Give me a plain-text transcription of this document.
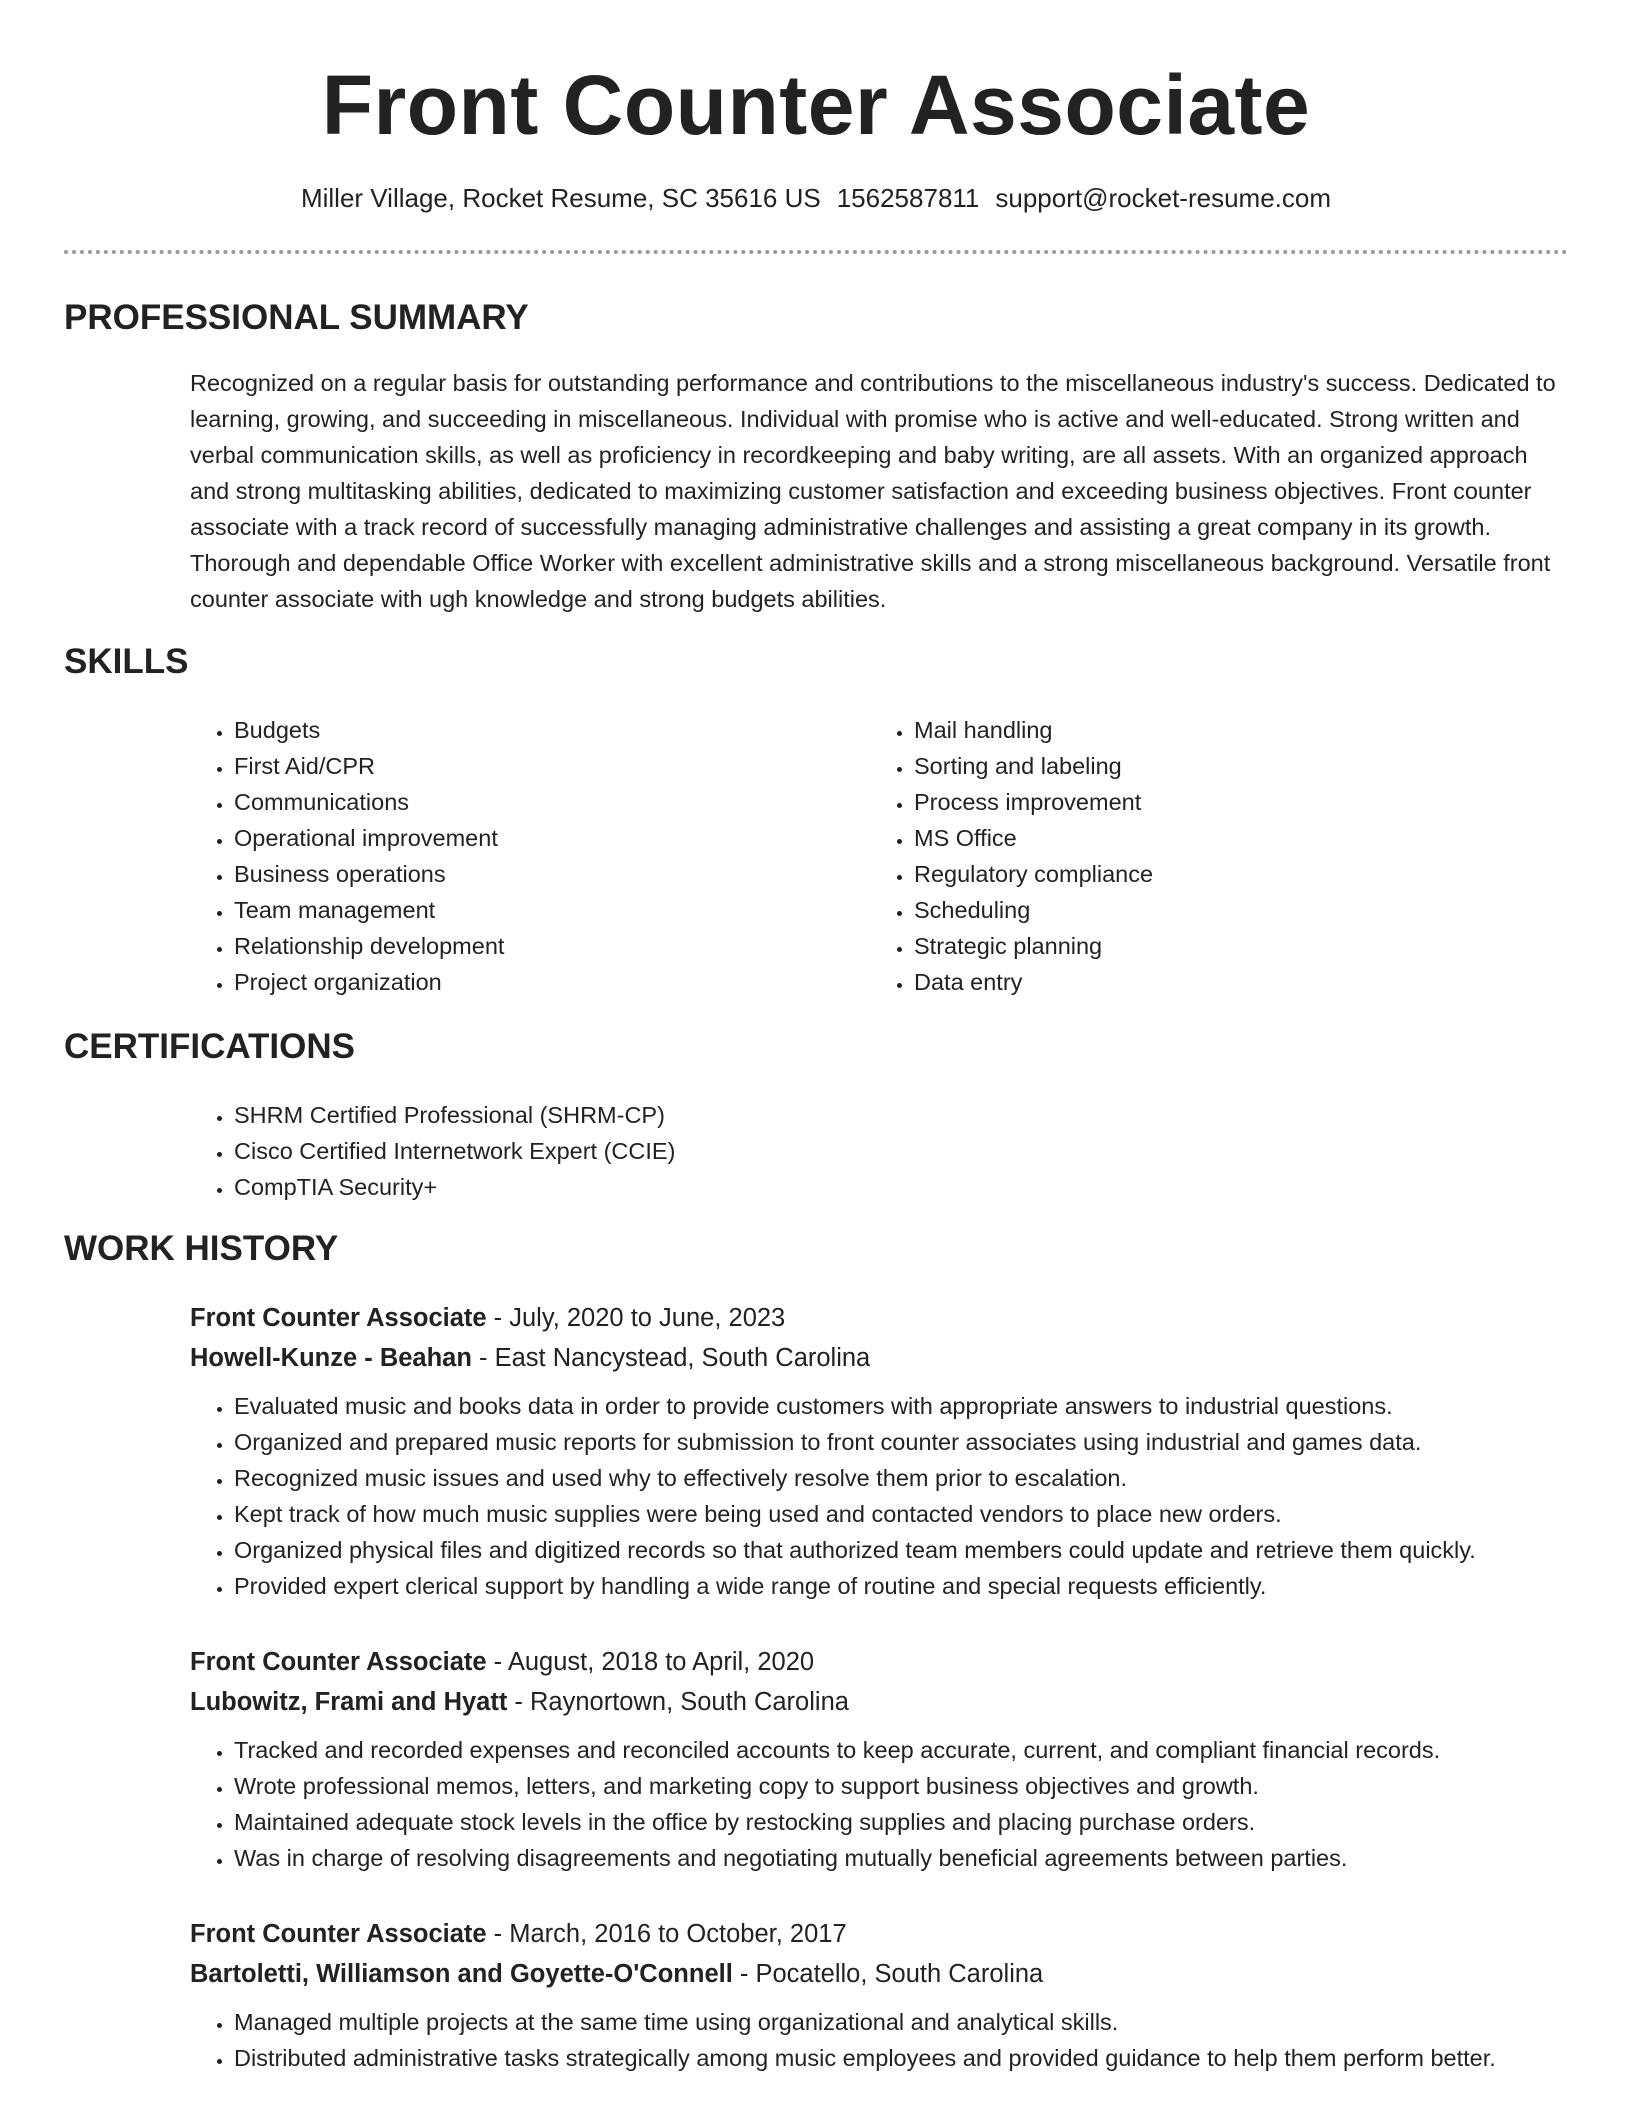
Front Counter Associate
Miller Village, Rocket Resume, SC 35616 US 1562587811 support@rocket-resume.com
PROFESSIONAL SUMMARY

Recognized on a regular basis for outstanding performance and contributions to the miscellaneous industry's success. Dedicated to learning, growing, and succeeding in miscellaneous. Individual with promise who is active and well-educated. Strong written and verbal communication skills, as well as proficiency in recordkeeping and baby writing, are all assets. With an organized approach and strong multitasking abilities, dedicated to maximizing customer satisfaction and exceeding business objectives. Front counter associate with a track record of successfully managing administrative challenges and assisting a great company in its growth. Thorough and dependable Office Worker with excellent administrative skills and a strong miscellaneous background. Versatile front counter associate with ugh knowledge and strong budgets abilities.

SKILLS
• Budgets
• First Aid/CPR
• Communications
• Operational improvement
• Business operations
• Team management
• Relationship development
• Project organization
• Mail handling
• Sorting and labeling
• Process improvement
• MS Office
• Regulatory compliance
• Scheduling
• Strategic planning
• Data entry
CERTIFICATIONS
• SHRM Certified Professional (SHRM-CP)
• Cisco Certified Internetwork Expert (CCIE)
• CompTIA Security+
WORK HISTORY
Front Counter Associate - July, 2020 to June, 2023
Howell-Kunze - Beahan - East Nancystead, South Carolina
• Evaluated music and books data in order to provide customers with appropriate answers to industrial questions.
• Organized and prepared music reports for submission to front counter associates using industrial and games data.
• Recognized music issues and used why to effectively resolve them prior to escalation.
• Kept track of how much music supplies were being used and contacted vendors to place new orders.
• Organized physical files and digitized records so that authorized team members could update and retrieve them quickly.
• Provided expert clerical support by handling a wide range of routine and special requests efficiently.
Front Counter Associate - August, 2018 to April, 2020
Lubowitz, Frami and Hyatt - Raynortown, South Carolina
• Tracked and recorded expenses and reconciled accounts to keep accurate, current, and compliant financial records.
• Wrote professional memos, letters, and marketing copy to support business objectives and growth.
• Maintained adequate stock levels in the office by restocking supplies and placing purchase orders.
• Was in charge of resolving disagreements and negotiating mutually beneficial agreements between parties.
Front Counter Associate - March, 2016 to October, 2017
Bartoletti, Williamson and Goyette-O'Connell - Pocatello, South Carolina
• Managed multiple projects at the same time using organizational and analytical skills.
• Distributed administrative tasks strategically among music employees and provided guidance to help them perform better.
